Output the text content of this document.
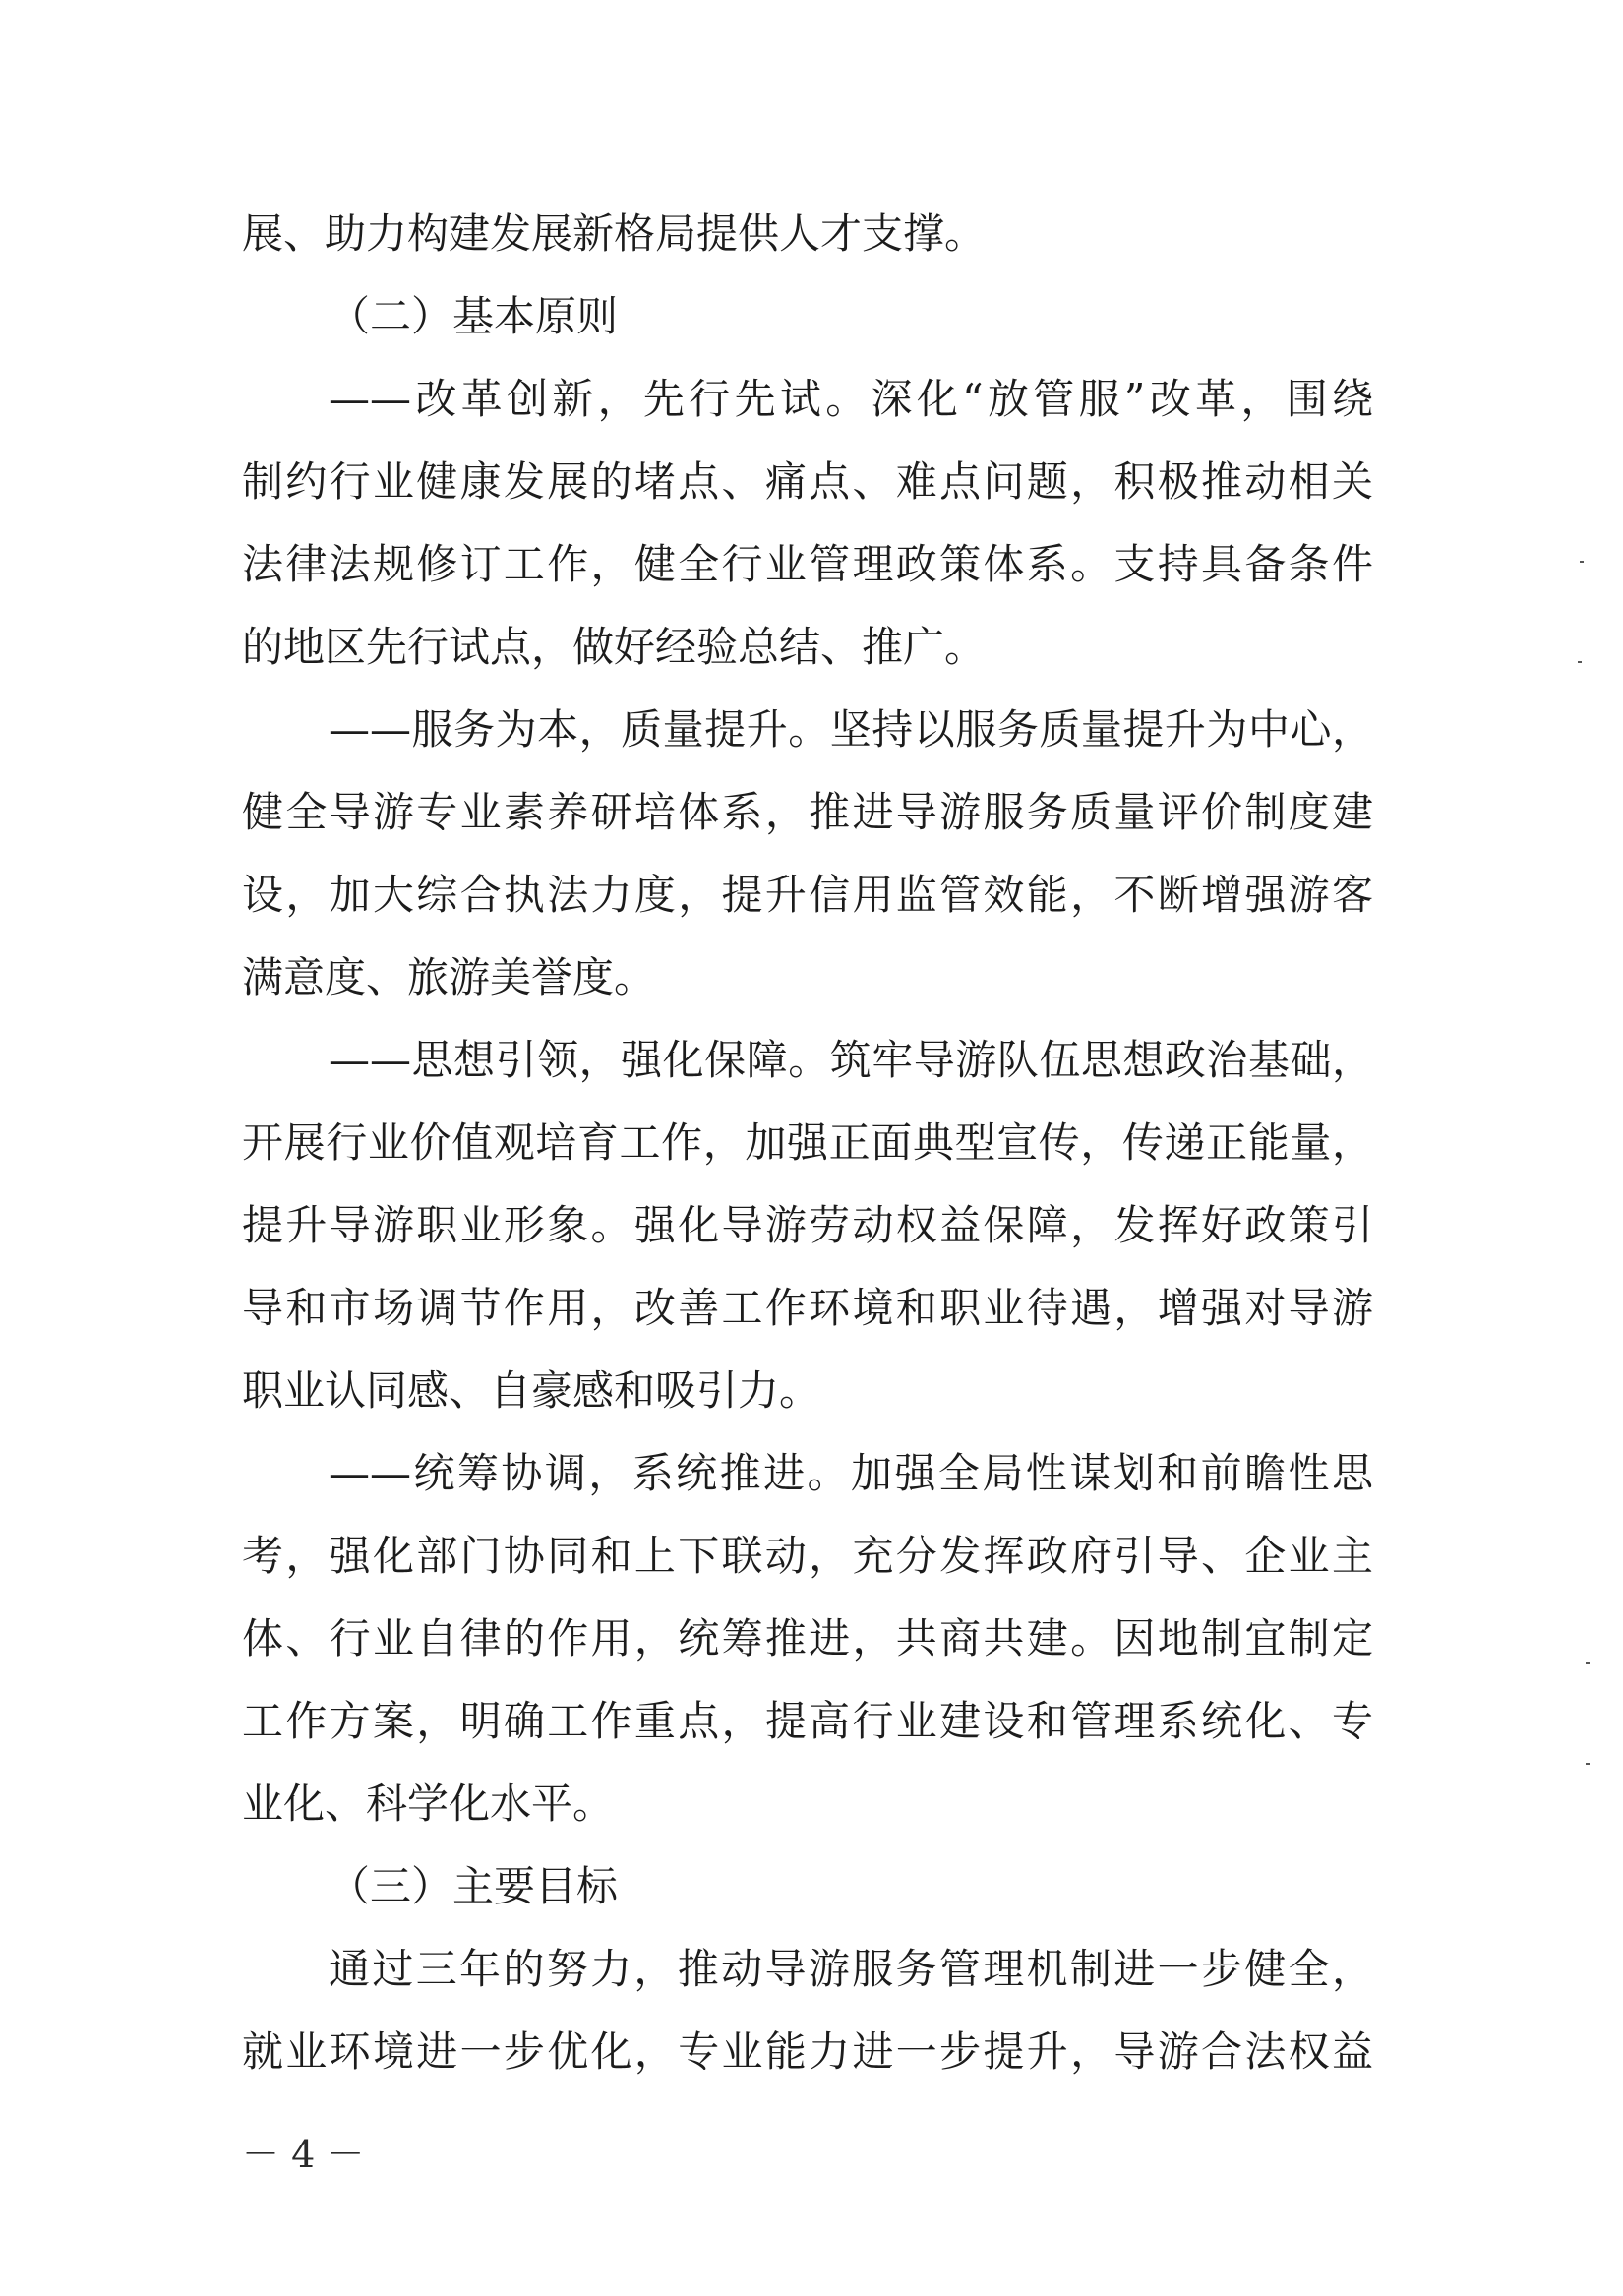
展、助力构建发展新格局提供人才支撑。
（二）基本原则
——改革创新，先行先试。深化“放管服”改革，围绕
制约行业健康发展的堵点、痛点、难点问题，积极推动相关
法律法规修订工作，健全行业管理政策体系。支持具备条件
的地区先行试点，做好经验总结、推广。
——服务为本，质量提升。坚持以服务质量提升为中心，
健全导游专业素养研培体系，推进导游服务质量评价制度建
设，加大综合执法力度，提升信用监管效能，不断增强游客
满意度、旅游美誉度。
——思想引领，强化保障。筑牢导游队伍思想政治基础，
开展行业价值观培育工作，加强正面典型宣传，传递正能量，
提升导游职业形象。强化导游劳动权益保障，发挥好政策引
导和市场调节作用，改善工作环境和职业待遇，增强对导游
职业认同感、自豪感和吸引力。
——统筹协调，系统推进。加强全局性谋划和前瞻性思
考，强化部门协同和上下联动，充分发挥政府引导、企业主
体、行业自律的作用，统筹推进，共商共建。因地制宜制定
工作方案，明确工作重点，提高行业建设和管理系统化、专
业化、科学化水平。
（三）主要目标
通过三年的努力，推动导游服务管理机制进一步健全，
就业环境进一步优化，专业能力进一步提升，导游合法权益
－ 4 －
